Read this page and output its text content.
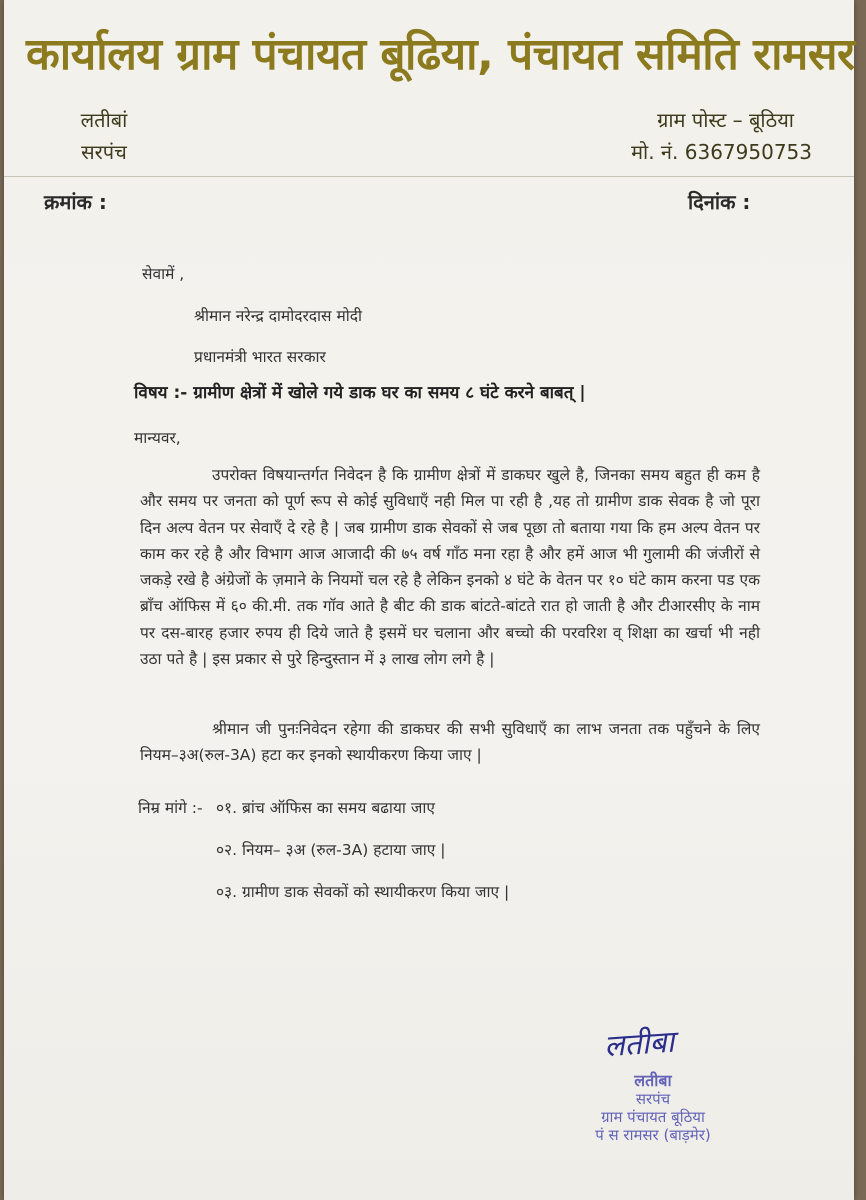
कार्यालय ग्राम पंचायत बूढिया, पंचायत समिति रामसर
लतीबां
सरपंच
ग्राम पोस्ट – बूठिया
मो. नं. 6367950753
क्रमांक :	दिनांक :
सेवामें ,
श्रीमान नरेन्द्र दामोदरदास मोदी
प्रधानमंत्री भारत सरकार
विषय :- ग्रामीण क्षेत्रों में खोले गये डाक घर का समय ८ घंटे करने बाबत् |
मान्यवर,
उपरोक्त विषयान्तर्गत निवेदन है कि ग्रामीण क्षेत्रों में डाकघर खुले है, जिनका समय बहुत ही कम है और समय पर जनता को पूर्ण रूप से कोई सुविधाएँ नही मिल पा रही है ,यह तो ग्रामीण डाक सेवक है जो पूरा दिन अल्प वेतन पर सेवाएँ दे रहे है | जब ग्रामीण डाक सेवकों से जब पूछा तो बताया गया कि हम अल्प वेतन पर काम कर रहे है और विभाग आज आजादी की ७५ वर्ष गाँठ मना रहा है और हमें आज भी गुलामी की जंजीरों से जकड़े रखे है अंग्रेजों के ज़माने के नियमों चल रहे है लेकिन इनको ४ घंटे के वेतन पर १० घंटे काम करना पड एक ब्रॉंच ऑफिस में ६० की.मी. तक गॉव आते है बीट की डाक बांटते-बांटते रात हो जाती है और टीआरसीए के नाम पर दस-बारह हजार रुपय ही दिये जाते है इसमें घर चलाना और बच्चो की परवरिश व् शिक्षा का खर्चा भी नही उठा पते है | इस प्रकार से पुरे हिन्दुस्तान में ३ लाख लोग लगे है |
श्रीमान जी पुनःनिवेदन रहेगा की डाकघर की सभी सुविधाएँ का लाभ जनता तक पहुँचने के लिए नियम–३अ(रुल-3A) हटा कर इनको स्थायीकरण किया जाए |
निम्र मांगे :- ०१. ब्रांच ऑफिस का समय बढाया जाए
०२. नियम– ३अ (रुल-3A) हटाया जाए |
०३. ग्रामीण डाक सेवकों को स्थायीकरण किया जाए |
लतीबा
लतीबा
सरपंच
ग्राम पंचायत बूठिया
पं स रामसर (बाड़मेर)
